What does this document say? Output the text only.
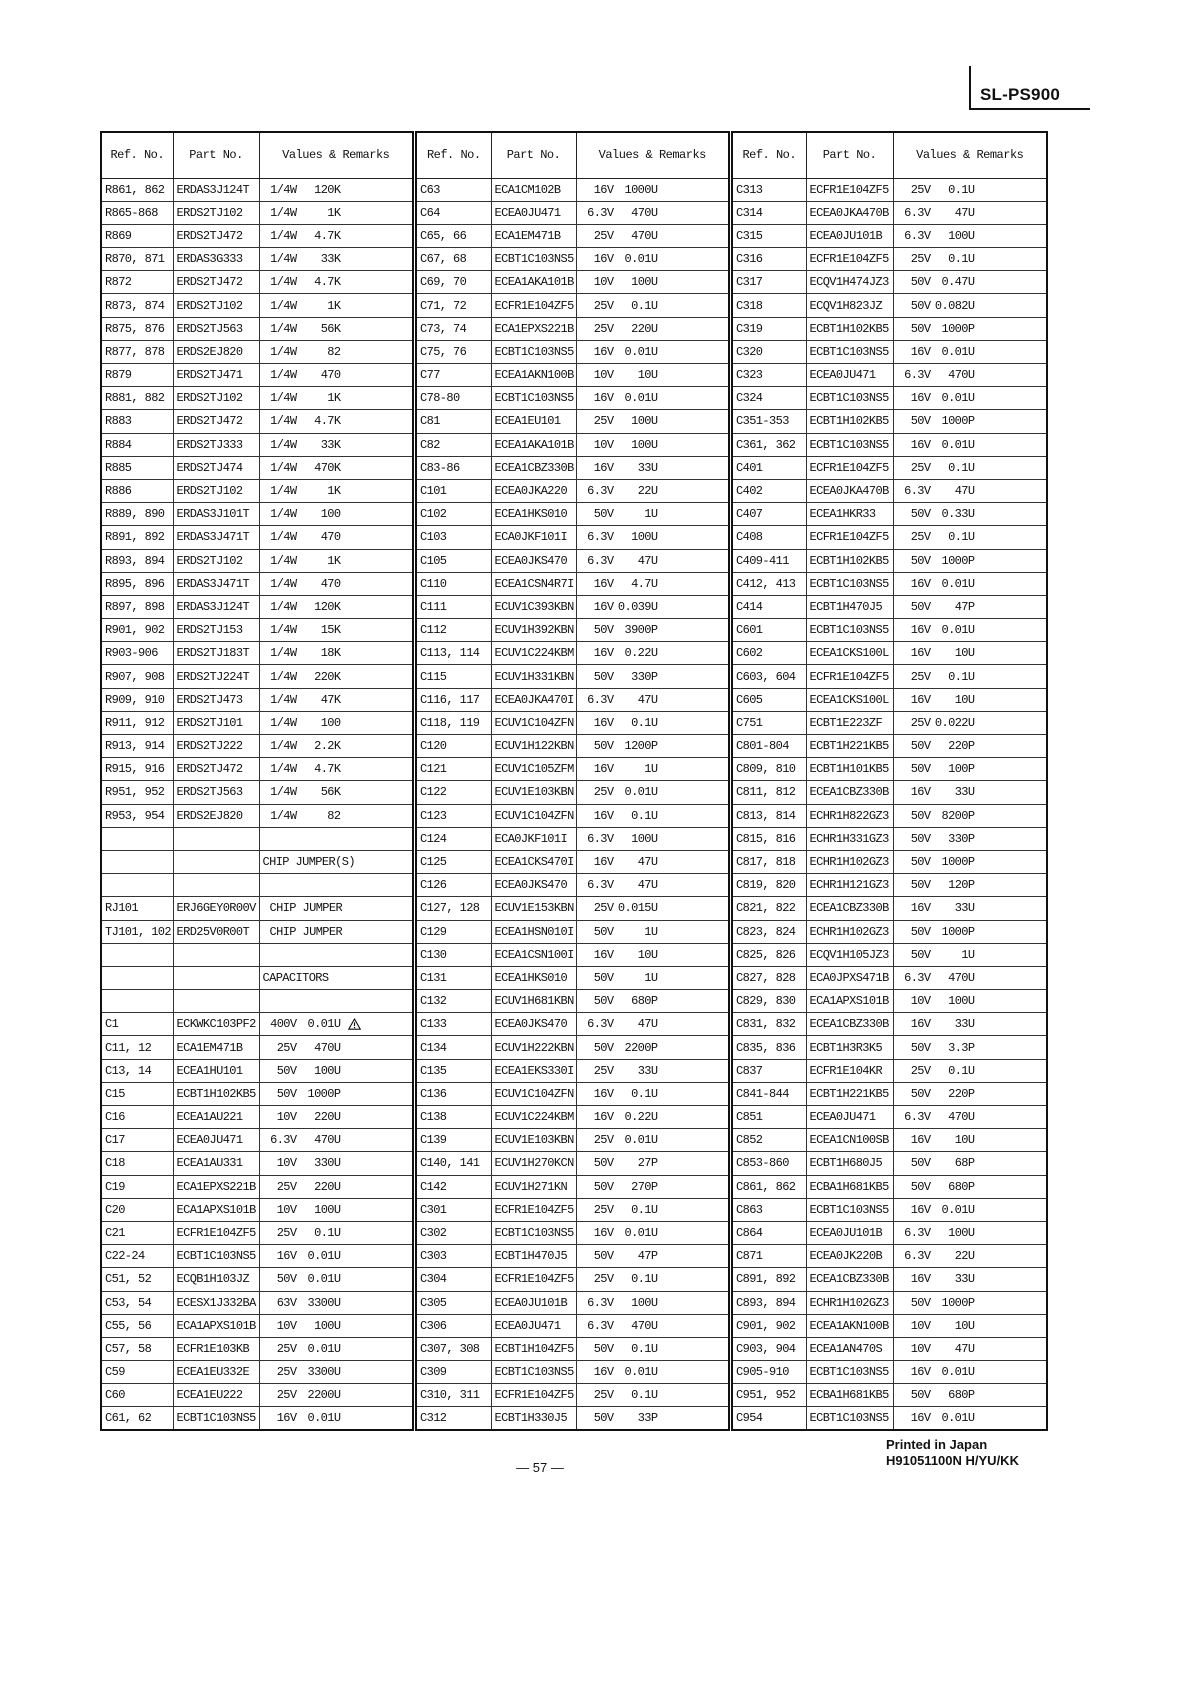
SL-PS900
Ref. No.	Part No.	Values & Remarks
R861, 862	ERDAS3J124T	1/4W 120K
R865-868	ERDS2TJ102	1/4W 1K
R869	ERDS2TJ472	1/4W 4.7K
R870, 871	ERDAS3G333	1/4W 33K
R872	ERDS2TJ472	1/4W 4.7K
R873, 874	ERDS2TJ102	1/4W 1K
R875, 876	ERDS2TJ563	1/4W 56K
R877, 878	ERDS2EJ820	1/4W 82
R879	ERDS2TJ471	1/4W 470
R881, 882	ERDS2TJ102	1/4W 1K
R883	ERDS2TJ472	1/4W 4.7K
R884	ERDS2TJ333	1/4W 33K
R885	ERDS2TJ474	1/4W 470K
R886	ERDS2TJ102	1/4W 1K
R889, 890	ERDAS3J101T	1/4W 100
R891, 892	ERDAS3J471T	1/4W 470
R893, 894	ERDS2TJ102	1/4W 1K
R895, 896	ERDAS3J471T	1/4W 470
R897, 898	ERDAS3J124T	1/4W 120K
R901, 902	ERDS2TJ153	1/4W 15K
R903-906	ERDS2TJ183T	1/4W 18K
R907, 908	ERDS2TJ224T	1/4W 220K
R909, 910	ERDS2TJ473	1/4W 47K
R911, 912	ERDS2TJ101	1/4W 100
R913, 914	ERDS2TJ222	1/4W 2.2K
R915, 916	ERDS2TJ472	1/4W 4.7K
R951, 952	ERDS2TJ563	1/4W 56K
R953, 954	ERDS2EJ820	1/4W 82

		CHIP JUMPER(S)

RJ101	ERJ6GEY0R00V	CHIP JUMPER
TJ101, 102	ERD25V0R00T	CHIP JUMPER

		CAPACITORS

C1	ECKWKC103PF2	400V 0.01U
C11, 12	ECA1EM471B	25V 470U
C13, 14	ECEA1HU101	50V 100U
C15	ECBT1H102KB5	50V 1000P
C16	ECEA1AU221	10V 220U
C17	ECEA0JU471	6.3V 470U
C18	ECEA1AU331	10V 330U
C19	ECA1EPXS221B	25V 220U
C20	ECA1APXS101B	10V 100U
C21	ECFR1E104ZF5	25V 0.1U
C22-24	ECBT1C103NS5	16V 0.01U
C51, 52	ECQB1H103JZ	50V 0.01U
C53, 54	ECESX1J332BA	63V 3300U
C55, 56	ECA1APXS101B	10V 100U
C57, 58	ECFR1E103KB	25V 0.01U
C59	ECEA1EU332E	25V 3300U
C60	ECEA1EU222	25V 2200U
C61, 62	ECBT1C103NS5	16V 0.01U
Ref. No.	Part No.	Values & Remarks
C63	ECA1CM102B	16V 1000U
C64	ECEA0JU471	6.3V 470U
C65, 66	ECA1EM471B	25V 470U
C67, 68	ECBT1C103NS5	16V 0.01U
C69, 70	ECEA1AKA101B	10V 100U
C71, 72	ECFR1E104ZF5	25V 0.1U
C73, 74	ECA1EPXS221B	25V 220U
C75, 76	ECBT1C103NS5	16V 0.01U
C77	ECEA1AKN100B	10V 10U
C78-80	ECBT1C103NS5	16V 0.01U
C81	ECEA1EU101	25V 100U
C82	ECEA1AKA101B	10V 100U
C83-86	ECEA1CBZ330B	16V 33U
C101	ECEA0JKA220	6.3V 22U
C102	ECEA1HKS010	50V 1U
C103	ECA0JKF101I	6.3V 100U
C105	ECEA0JKS470	6.3V 47U
C110	ECEA1CSN4R7I	16V 4.7U
C111	ECUV1C393KBN	16V 0.039U
C112	ECUV1H392KBN	50V 3900P
C113, 114	ECUV1C224KBM	16V 0.22U
C115	ECUV1H331KBN	50V 330P
C116, 117	ECEA0JKA470I	6.3V 47U
C118, 119	ECUV1C104ZFN	16V 0.1U
C120	ECUV1H122KBN	50V 1200P
C121	ECUV1C105ZFM	16V 1U
C122	ECUV1E103KBN	25V 0.01U
C123	ECUV1C104ZFN	16V 0.1U
C124	ECA0JKF101I	6.3V 100U
C125	ECEA1CKS470I	16V 47U
C126	ECEA0JKS470	6.3V 47U
C127, 128	ECUV1E153KBN	25V 0.015U
C129	ECEA1HSN010I	50V 1U
C130	ECEA1CSN100I	16V 10U
C131	ECEA1HKS010	50V 1U
C132	ECUV1H681KBN	50V 680P
C133	ECEA0JKS470	6.3V 47U
C134	ECUV1H222KBN	50V 2200P
C135	ECEA1EKS330I	25V 33U
C136	ECUV1C104ZFN	16V 0.1U
C138	ECUV1C224KBM	16V 0.22U
C139	ECUV1E103KBN	25V 0.01U
C140, 141	ECUV1H270KCN	50V 27P
C142	ECUV1H271KN	50V 270P
C301	ECFR1E104ZF5	25V 0.1U
C302	ECBT1C103NS5	16V 0.01U
C303	ECBT1H470J5	50V 47P
C304	ECFR1E104ZF5	25V 0.1U
C305	ECEA0JU101B	6.3V 100U
C306	ECEA0JU471	6.3V 470U
C307, 308	ECBT1H104ZF5	50V 0.1U
C309	ECBT1C103NS5	16V 0.01U
C310, 311	ECFR1E104ZF5	25V 0.1U
C312	ECBT1H330J5	50V 33P
Ref. No.	Part No.	Values & Remarks
C313	ECFR1E104ZF5	25V 0.1U
C314	ECEA0JKA470B	6.3V 47U
C315	ECEA0JU101B	6.3V 100U
C316	ECFR1E104ZF5	25V 0.1U
C317	ECQV1H474JZ3	50V 0.47U
C318	ECQV1H823JZ	50V 0.082U
C319	ECBT1H102KB5	50V 1000P
C320	ECBT1C103NS5	16V 0.01U
C323	ECEA0JU471	6.3V 470U
C324	ECBT1C103NS5	16V 0.01U
C351-353	ECBT1H102KB5	50V 1000P
C361, 362	ECBT1C103NS5	16V 0.01U
C401	ECFR1E104ZF5	25V 0.1U
C402	ECEA0JKA470B	6.3V 47U
C407	ECEA1HKR33	50V 0.33U
C408	ECFR1E104ZF5	25V 0.1U
C409-411	ECBT1H102KB5	50V 1000P
C412, 413	ECBT1C103NS5	16V 0.01U
C414	ECBT1H470J5	50V 47P
C601	ECBT1C103NS5	16V 0.01U
C602	ECEA1CKS100L	16V 10U
C603, 604	ECFR1E104ZF5	25V 0.1U
C605	ECEA1CKS100L	16V 10U
C751	ECBT1E223ZF	25V 0.022U
C801-804	ECBT1H221KB5	50V 220P
C809, 810	ECBT1H101KB5	50V 100P
C811, 812	ECEA1CBZ330B	16V 33U
C813, 814	ECHR1H822GZ3	50V 8200P
C815, 816	ECHR1H331GZ3	50V 330P
C817, 818	ECHR1H102GZ3	50V 1000P
C819, 820	ECHR1H121GZ3	50V 120P
C821, 822	ECEA1CBZ330B	16V 33U
C823, 824	ECHR1H102GZ3	50V 1000P
C825, 826	ECQV1H105JZ3	50V 1U
C827, 828	ECA0JPXS471B	6.3V 470U
C829, 830	ECA1APXS101B	10V 100U
C831, 832	ECEA1CBZ330B	16V 33U
C835, 836	ECBT1H3R3K5	50V 3.3P
C837	ECFR1E104KR	25V 0.1U
C841-844	ECBT1H221KB5	50V 220P
C851	ECEA0JU471	6.3V 470U
C852	ECEA1CN100SB	16V 10U
C853-860	ECBT1H680J5	50V 68P
C861, 862	ECBA1H681KB5	50V 680P
C863	ECBT1C103NS5	16V 0.01U
C864	ECEA0JU101B	6.3V 100U
C871	ECEA0JK220B	6.3V 22U
C891, 892	ECEA1CBZ330B	16V 33U
C893, 894	ECHR1H102GZ3	50V 1000P
C901, 902	ECEA1AKN100B	10V 10U
C903, 904	ECEA1AN470S	10V 47U
C905-910	ECBT1C103NS5	16V 0.01U
C951, 952	ECBA1H681KB5	50V 680P
C954	ECBT1C103NS5	16V 0.01U
— 57 —
Printed in Japan
H91051100N H/YU/KK
